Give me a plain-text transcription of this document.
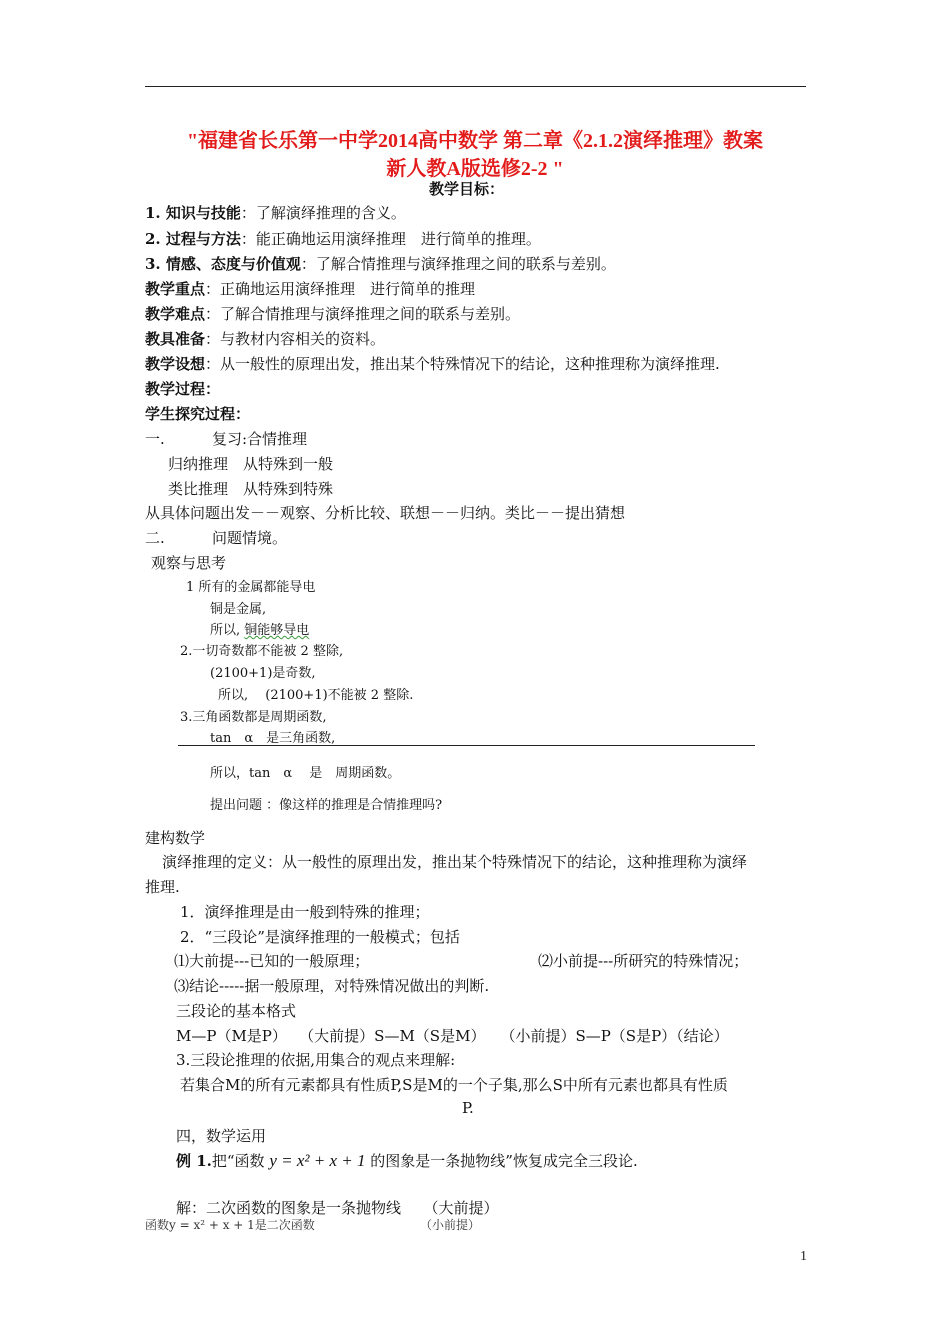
"福建省长乐第一中学2014高中数学 第二章《2.1.2演绎推理》教案
新人教A版选修2-2 "
教学目标：
1. 知识与技能：了解演绎推理的含义。
2. 过程与方法：能正确地运用演绎推理　进行简单的推理。
3. 情感、态度与价值观：了解合情推理与演绎推理之间的联系与差别。
教学重点：正确地运用演绎推理　进行简单的推理
教学难点：了解合情推理与演绎推理之间的联系与差别。
教具准备：与教材内容相关的资料。
教学设想：从一般性的原理出发，推出某个特殊情况下的结论，这种推理称为演绎推理.
教学过程：
学生探究过程：
一.	复习:合情推理
归纳推理　从特殊到一般
类比推理　从特殊到特殊
从具体问题出发－－观察、分析比较、联想－－归纳。类比－－提出猜想
二.	问题情境。
观察与思考
1 所有的金属都能导电
铜是金属,
所以, 铜能够导电
2.一切奇数都不能被 2 整除,
(2100+1)是奇数,
所以,　 (2100+1)不能被 2 整除.
3.三角函数都是周期函数,
tan　α　是三角函数,
所以，tan　α　 是　周期函数。
提出问题 ：像这样的推理是合情推理吗?
建构数学
演绎推理的定义：从一般性的原理出发，推出某个特殊情况下的结论，这种推理称为演绎
推理.
1．演绎推理是由一般到特殊的推理；
2．“三段论”是演绎推理的一般模式；包括
⑴大前提---已知的一般原理；	⑵小前提---所研究的特殊情况；
⑶结论-----据一般原理，对特殊情况做出的判断.
三段论的基本格式
M—P（M是P）　 （大前提）S—M（S是M）　　（小前提）S—P（S是P）（结论）
3.三段论推理的依据,用集合的观点来理解:
若集合M的所有元素都具有性质P,S是M的一个子集,那么S中所有元素也都具有性质
P.
四，数学运用
例 1.把“函数 y = x² + x + 1 的图象是一条抛物线”恢复成完全三段论.
解：二次函数的图象是一条抛物线　　（大前提）
函数y = x² + x + 1是二次函数	（小前提）
1
